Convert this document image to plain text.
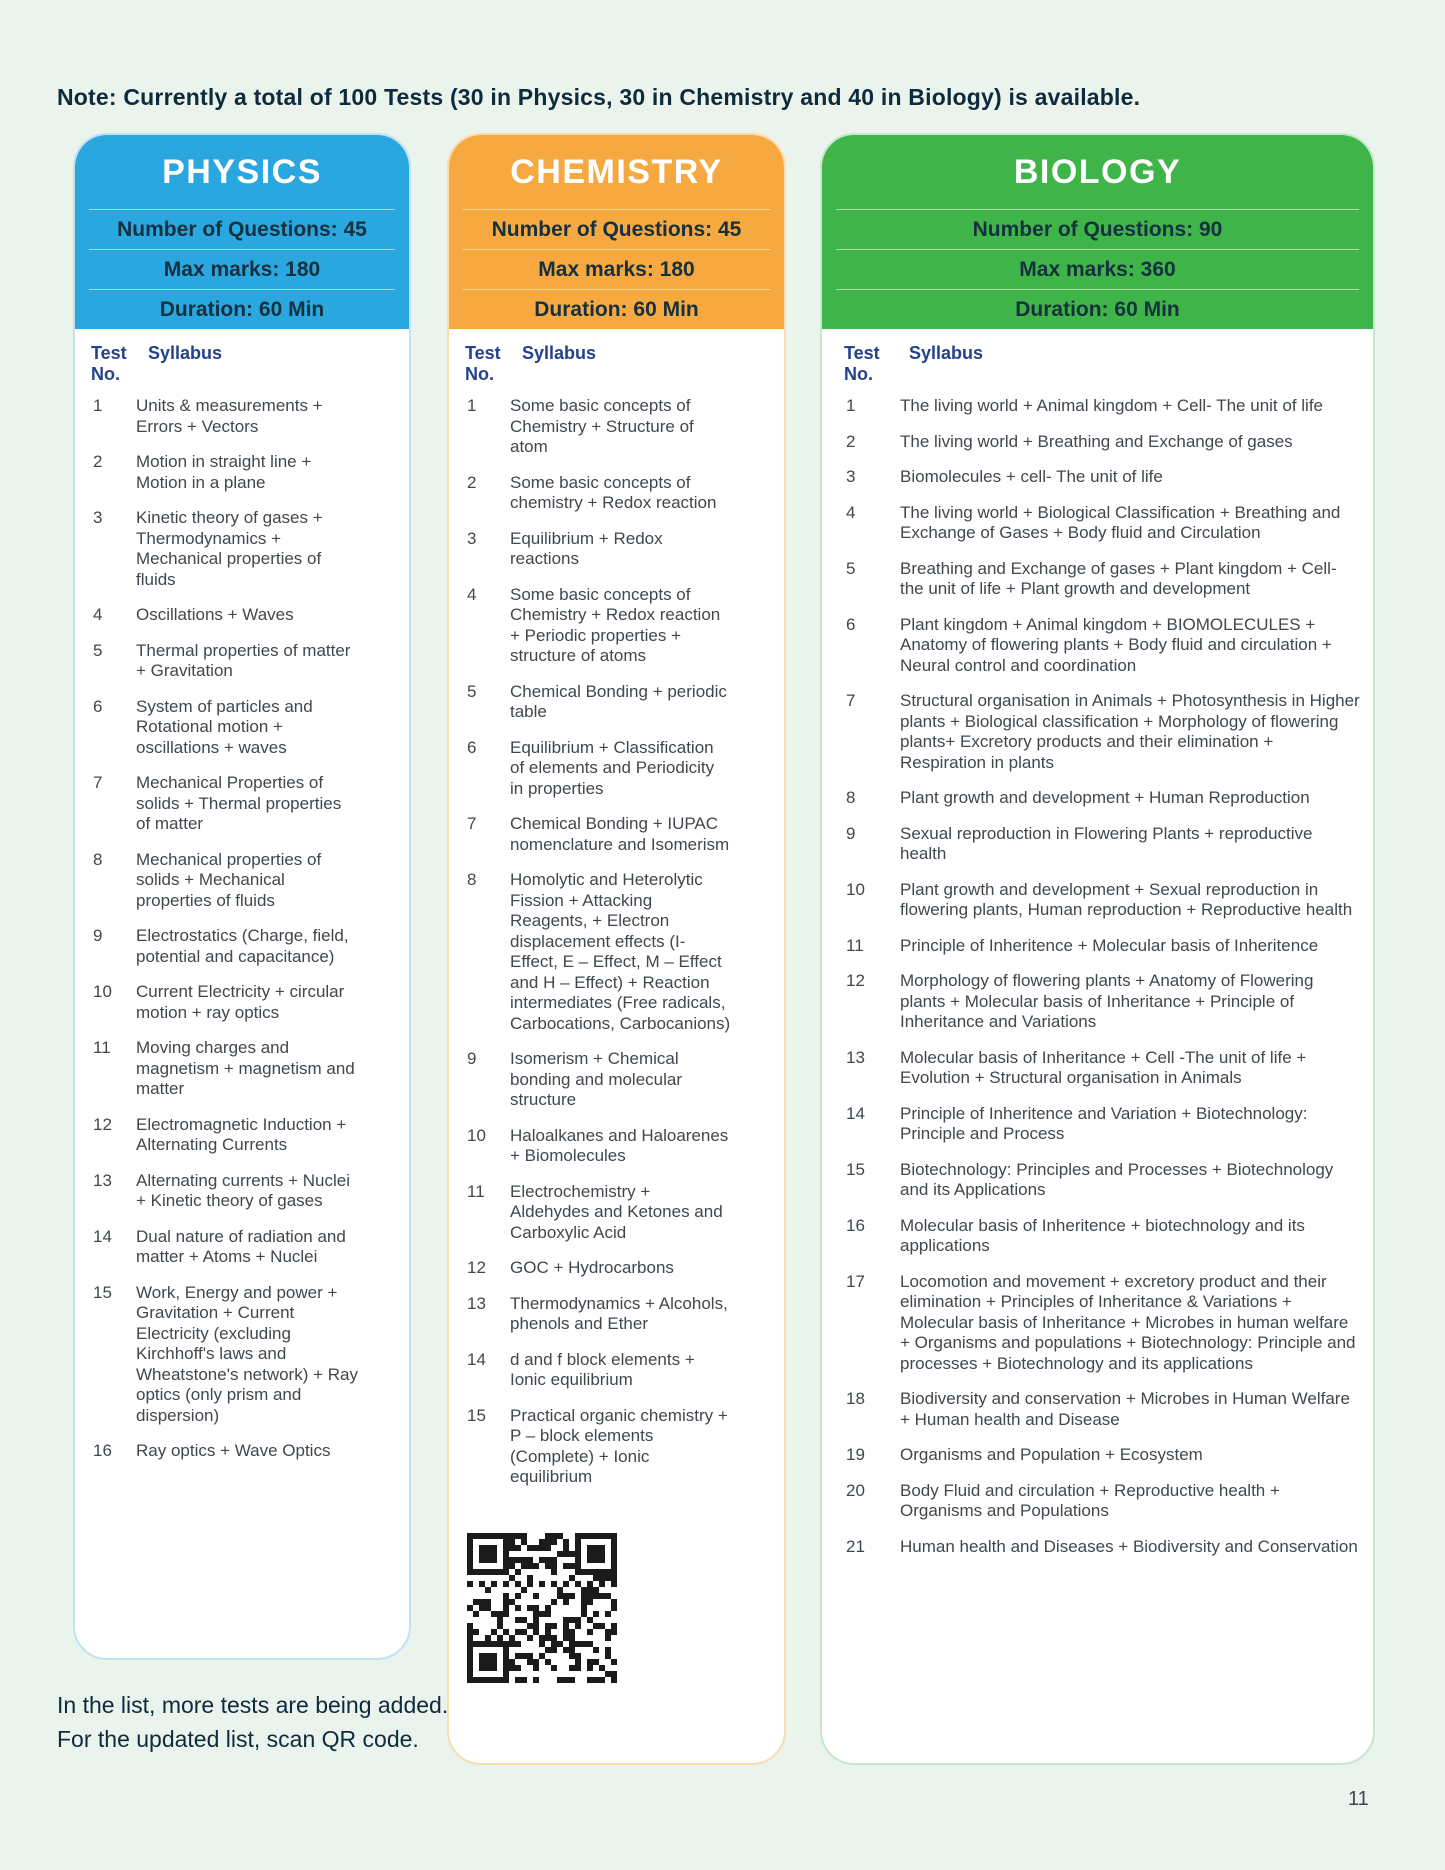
Note: Currently a total of 100 Tests (30 in Physics, 30 in Chemistry and 40 in Biology) is available.

PHYSICS
Number of Questions: 45
Max marks: 180
Duration: 60 Min
Test
No.
Syllabus
1	Units & measurements + Errors + Vectors
2	Motion in straight line + Motion in a plane
3	Kinetic theory of gases + Thermodynamics + Mechanical properties of fluids
4	Oscillations + Waves
5	Thermal properties of matter + Gravitation
6	System of particles and Rotational motion + oscillations + waves
7	Mechanical Properties of solids + Thermal properties of matter
8	Mechanical properties of solids + Mechanical properties of fluids
9	Electrostatics (Charge, field, potential and capacitance)
10	Current Electricity + circular motion + ray optics
11	Moving charges and magnetism + magnetism and matter
12	Electromagnetic Induction + Alternating Currents
13	Alternating currents + Nuclei + Kinetic theory of gases
14	Dual nature of radiation and matter + Atoms + Nuclei
15	Work, Energy and power + Gravitation + Current Electricity (excluding Kirchhoff's laws and Wheatstone's network) + Ray optics (only prism and dispersion)
16	Ray optics + Wave Optics
CHEMISTRY
Number of Questions: 45
Max marks: 180
Duration: 60 Min
Test
No.
Syllabus
1	Some basic concepts of Chemistry + Structure of atom
2	Some basic concepts of chemistry + Redox reaction
3	Equilibrium + Redox reactions
4	Some basic concepts of Chemistry + Redox reaction + Periodic properties + structure of atoms
5	Chemical Bonding + periodic table
6	Equilibrium + Classification of elements and Periodicity in properties
7	Chemical Bonding + IUPAC nomenclature and Isomerism
8	Homolytic and Heterolytic Fission + Attacking Reagents, + Electron displacement effects (I-Effect, E – Effect, M – Effect and H – Effect) + Reaction intermediates (Free radicals, Carbocations, Carbocanions)
9	Isomerism + Chemical bonding and molecular structure
10	Haloalkanes and Haloarenes + Biomolecules
11	Electrochemistry + Aldehydes and Ketones and Carboxylic Acid
12	GOC + Hydrocarbons
13	Thermodynamics + Alcohols, phenols and Ether
14	d and f block elements + Ionic equilibrium
15	Practical organic chemistry + P – block elements (Complete) + Ionic equilibrium
BIOLOGY
Number of Questions: 90
Max marks: 360
Duration: 60 Min
Test
No.
Syllabus
1	The living world + Animal kingdom + Cell- The unit of life
2	The living world + Breathing and Exchange of gases
3	Biomolecules + cell- The unit of life
4	The living world + Biological Classification + Breathing and Exchange of Gases + Body fluid and Circulation
5	Breathing and Exchange of gases + Plant kingdom + Cell- the unit of life + Plant growth and development
6	Plant kingdom + Animal kingdom + BIOMOLECULES + Anatomy of flowering plants + Body fluid and circulation + Neural control and coordination
7	Structural organisation in Animals + Photosynthesis in Higher plants + Biological classification + Morphology of flowering plants+ Excretory products and their elimination + Respiration in plants
8	Plant growth and development + Human Reproduction
9	Sexual reproduction in Flowering Plants + reproductive health
10	Plant growth and development + Sexual reproduction in flowering plants, Human reproduction + Reproductive health
11	Principle of Inheritence + Molecular basis of Inheritence
12	Morphology of flowering plants + Anatomy of Flowering plants + Molecular basis of Inheritance + Principle of Inheritance and Variations
13	Molecular basis of Inheritance + Cell -The unit of life + Evolution + Structural organisation in Animals
14	Principle of Inheritence and Variation + Biotechnology: Principle and Process
15	Biotechnology: Principles and Processes + Biotechnology and its Applications
16	Molecular basis of Inheritence + biotechnology and its applications
17	Locomotion and movement + excretory product and their elimination + Principles of Inheritance & Variations + Molecular basis of Inheritance + Microbes in human welfare + Organisms and populations + Biotechnology: Principle and processes + Biotechnology and its applications
18	Biodiversity and conservation + Microbes in Human Welfare + Human health and Disease
19	Organisms and Population + Ecosystem
20	Body Fluid and circulation + Reproductive health + Organisms and Populations
21	Human health and Diseases + Biodiversity and Conservation
In the list, more tests are being added.
For the updated list, scan QR code.
11
